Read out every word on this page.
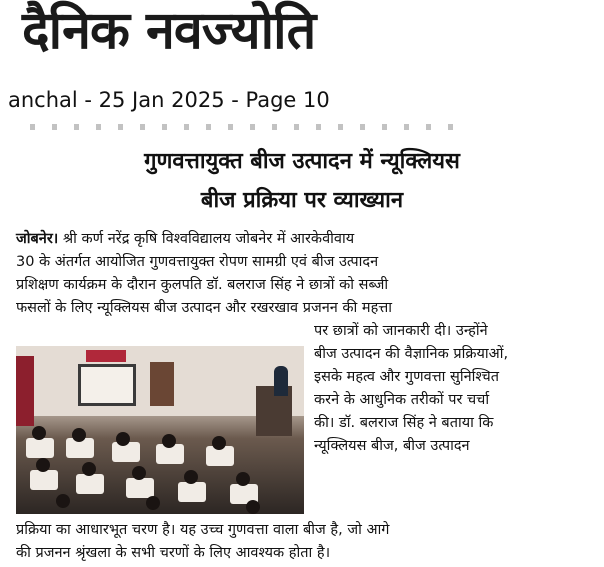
दैनिक नवज्योति
anchal - 25 Jan 2025 - Page 10
गुणवत्तायुक्त बीज उत्पादन में न्यूक्लियस
बीज प्रक्रिया पर व्याख्यान
जोबनेर। श्री कर्ण नरेंद्र कृषि विश्वविद्यालय जोबनेर में आरकेवीवाय
30 के अंतर्गत आयोजित गुणवत्तायुक्त रोपण सामग्री एवं बीज उत्पादन
प्रशिक्षण कार्यक्रम के दौरान कुलपति डॉ. बलराज सिंह ने छात्रों को सब्जी
फसलों के लिए न्यूक्लियस बीज उत्पादन और रखरखाव प्रजनन की महत्ता
पर छात्रों को जानकारी दी। उन्होंने
बीज उत्पादन की वैज्ञानिक प्रक्रियाओं,
इसके महत्व और गुणवत्ता सुनिश्चित
करने के आधुनिक तरीकों पर चर्चा
की। डॉ. बलराज सिंह ने बताया कि
न्यूक्लियस बीज, बीज उत्पादन
प्रक्रिया का आधारभूत चरण है। यह उच्च गुणवत्ता वाला बीज है, जो आगे
की प्रजनन श्रृंखला के सभी चरणों के लिए आवश्यक होता है।
